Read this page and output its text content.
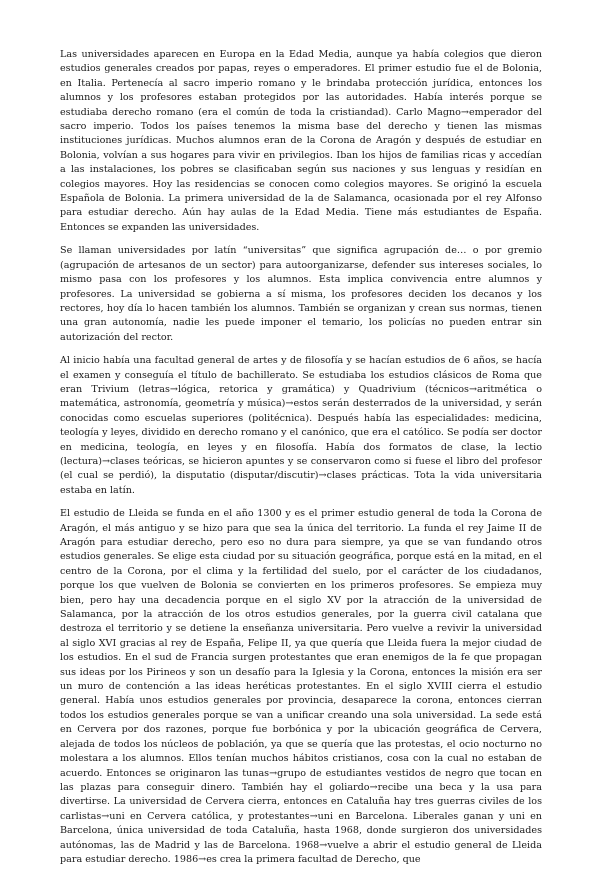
Las universidades aparecen en Europa en la Edad Media, aunque ya había colegios que dieron estudios generales creados por papas, reyes o emperadores. El primer estudio fue el de Bolonia, en Italia. Pertenecía al sacro imperio romano y le brindaba protección jurídica, entonces los alumnos y los profesores estaban protegidos por las autoridades. Había interés porque se estudiaba derecho romano (era el común de toda la cristiandad). Carlo Magno→emperador del sacro imperio. Todos los países tenemos la misma base del derecho y tienen las mismas instituciones jurídicas. Muchos alumnos eran de la Corona de Aragón y después de estudiar en Bolonia, volvían a sus hogares para vivir en privilegios. Iban los hijos de familias ricas y accedían a las instalaciones, los pobres se clasificaban según sus naciones y sus lenguas y residían en colegios mayores. Hoy las residencias se conocen como colegios mayores. Se originó la escuela Española de Bolonia. La primera universidad de la de Salamanca, ocasionada por el rey Alfonso para estudiar derecho. Aún hay aulas de la Edad Media. Tiene más estudiantes de España. Entonces se expanden las universidades.

Se llaman universidades por latín “universitas” que significa agrupación de… o por gremio (agrupación de artesanos de un sector) para autoorganizarse, defender sus intereses sociales, lo mismo pasa con los profesores y los alumnos. Esta implica convivencia entre alumnos y profesores. La universidad se gobierna a sí misma, los profesores deciden los decanos y los rectores, hoy día lo hacen también los alumnos. También se organizan y crean sus normas, tienen una gran autonomía, nadie les puede imponer el temario, los policías no pueden entrar sin autorización del rector.

Al inicio había una facultad general de artes y de filosofía y se hacían estudios de 6 años, se hacía el examen y conseguía el título de bachillerato. Se estudiaba los estudios clásicos de Roma que eran Trivium (letras→lógica, retorica y gramática) y Quadrivium (técnicos→aritmética o matemática, astronomía, geometría y música)→estos serán desterrados de la universidad, y serán conocidas como escuelas superiores (politécnica). Después había las especialidades: medicina, teología y leyes, dividido en derecho romano y el canónico, que era el católico. Se podía ser doctor en medicina, teología, en leyes y en filosofía. Había dos formatos de clase, la lectio (lectura)→clases teóricas, se hicieron apuntes y se conservaron como si fuese el libro del profesor (el cual se perdió), la disputatio (disputar/discutir)→clases prácticas. Tota la vida universitaria estaba en latín.

El estudio de Lleida se funda en el año 1300 y es el primer estudio general de toda la Corona de Aragón, el más antiguo y se hizo para que sea la única del territorio. La funda el rey Jaime II de Aragón para estudiar derecho, pero eso no dura para siempre, ya que se van fundando otros estudios generales. Se elige esta ciudad por su situación geográfica, porque está en la mitad, en el centro de la Corona, por el clima y la fertilidad del suelo, por el carácter de los ciudadanos, porque los que vuelven de Bolonia se convierten en los primeros profesores. Se empieza muy bien, pero hay una decadencia porque en el siglo XV por la atracción de la universidad de Salamanca, por la atracción de los otros estudios generales, por la guerra civil catalana que destroza el territorio y se detiene la enseñanza universitaria. Pero vuelve a revivir la universidad al siglo XVI gracias al rey de España, Felipe II, ya que quería que Lleida fuera la mejor ciudad de los estudios. En el sud de Francia surgen protestantes que eran enemigos de la fe que propagan sus ideas por los Pirineos y son un desafío para la Iglesia y la Corona, entonces la misión era ser un muro de contención a las ideas heréticas protestantes. En el siglo XVIII cierra el estudio general. Había unos estudios generales por provincia, desaparece la corona, entonces cierran todos los estudios generales porque se van a unificar creando una sola universidad. La sede está en Cervera por dos razones, porque fue borbónica y por la ubicación geográfica de Cervera, alejada de todos los núcleos de población, ya que se quería que las protestas, el ocio nocturno no molestara a los alumnos. Ellos tenían muchos hábitos cristianos, cosa con la cual no estaban de acuerdo. Entonces se originaron las tunas→grupo de estudiantes vestidos de negro que tocan en las plazas para conseguir dinero. También hay el goliardo→recibe una beca y la usa para divertirse. La universidad de Cervera cierra, entonces en Cataluña hay tres guerras civiles de los carlistas→uni en Cervera católica, y protestantes→uni en Barcelona. Liberales ganan y uni en Barcelona, única universidad de toda Cataluña, hasta 1968, donde surgieron dos universidades autónomas, las de Madrid y las de Barcelona. 1968→vuelve a abrir el estudio general de Lleida para estudiar derecho. 1986→es crea la primera facultad de Derecho, que
